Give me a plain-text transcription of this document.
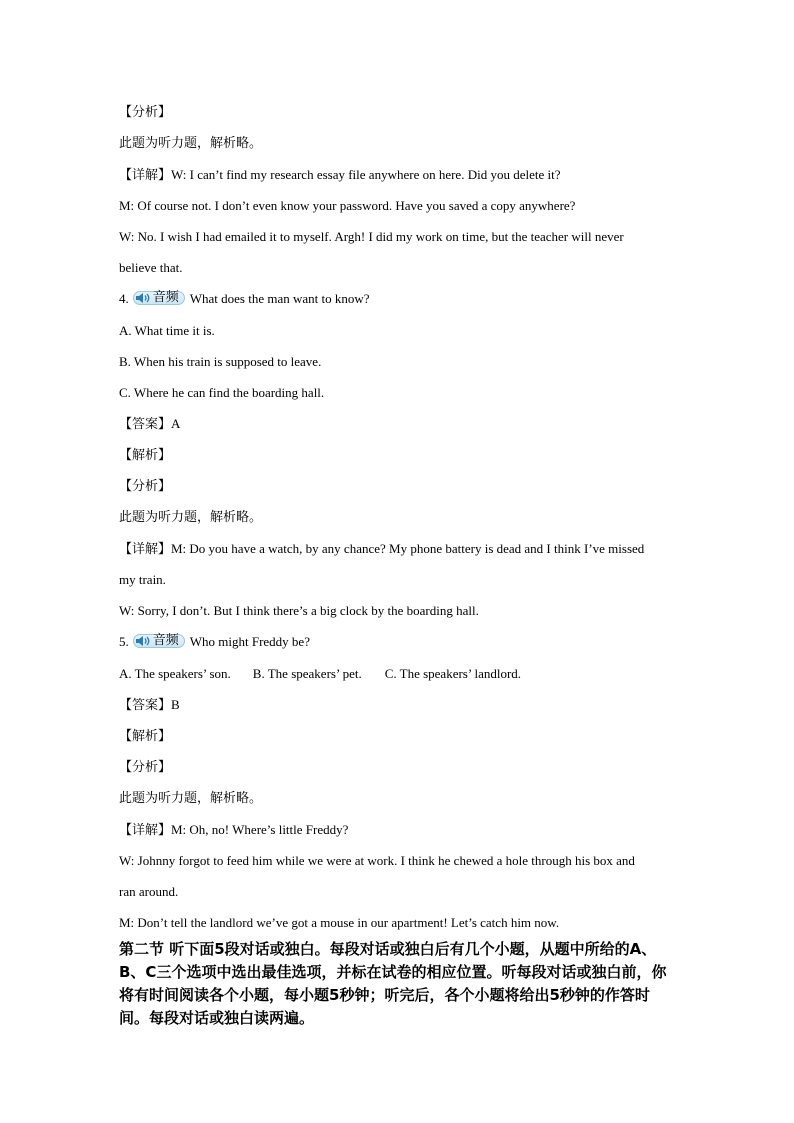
【分析】
此题为听力题，解析略。
【详解】W: I can’t find my research essay file anywhere on here. Did you delete it?
M: Of course not. I don’t even know your password. Have you saved a copy anywhere?
W: No. I wish I had emailed it to myself. Argh! I did my work on time, but the teacher will never
believe that.
4. 音频 What does the man want to know?
A. What time it is.
B. When his train is supposed to leave.
C. Where he can find the boarding hall.
【答案】A
【解析】
【分析】
此题为听力题，解析略。
【详解】M: Do you have a watch, by any chance? My phone battery is dead and I think I’ve missed
my train.
W: Sorry, I don’t. But I think there’s a big clock by the boarding hall.
5. 音频 Who might Freddy be?
A. The speakers’ son. B. The speakers’ pet. C. The speakers’ landlord.
【答案】B
【解析】
【分析】
此题为听力题，解析略。
【详解】M: Oh, no! Where’s little Freddy?
W: Johnny forgot to feed him while we were at work. I think he chewed a hole through his box and
ran around.
M: Don’t tell the landlord we’ve got a mouse in our apartment! Let’s catch him now.
第二节 听下面5段对话或独白。每段对话或独白后有几个小题，从题中所给的A、B、C三个选项中选出最佳选项，并标在试卷的相应位置。听每段对话或独白前，你将有时间阅读各个小题，每小题5秒钟；听完后，各个小题将给出5秒钟的作答时间。每段对话或独白读两遍。
